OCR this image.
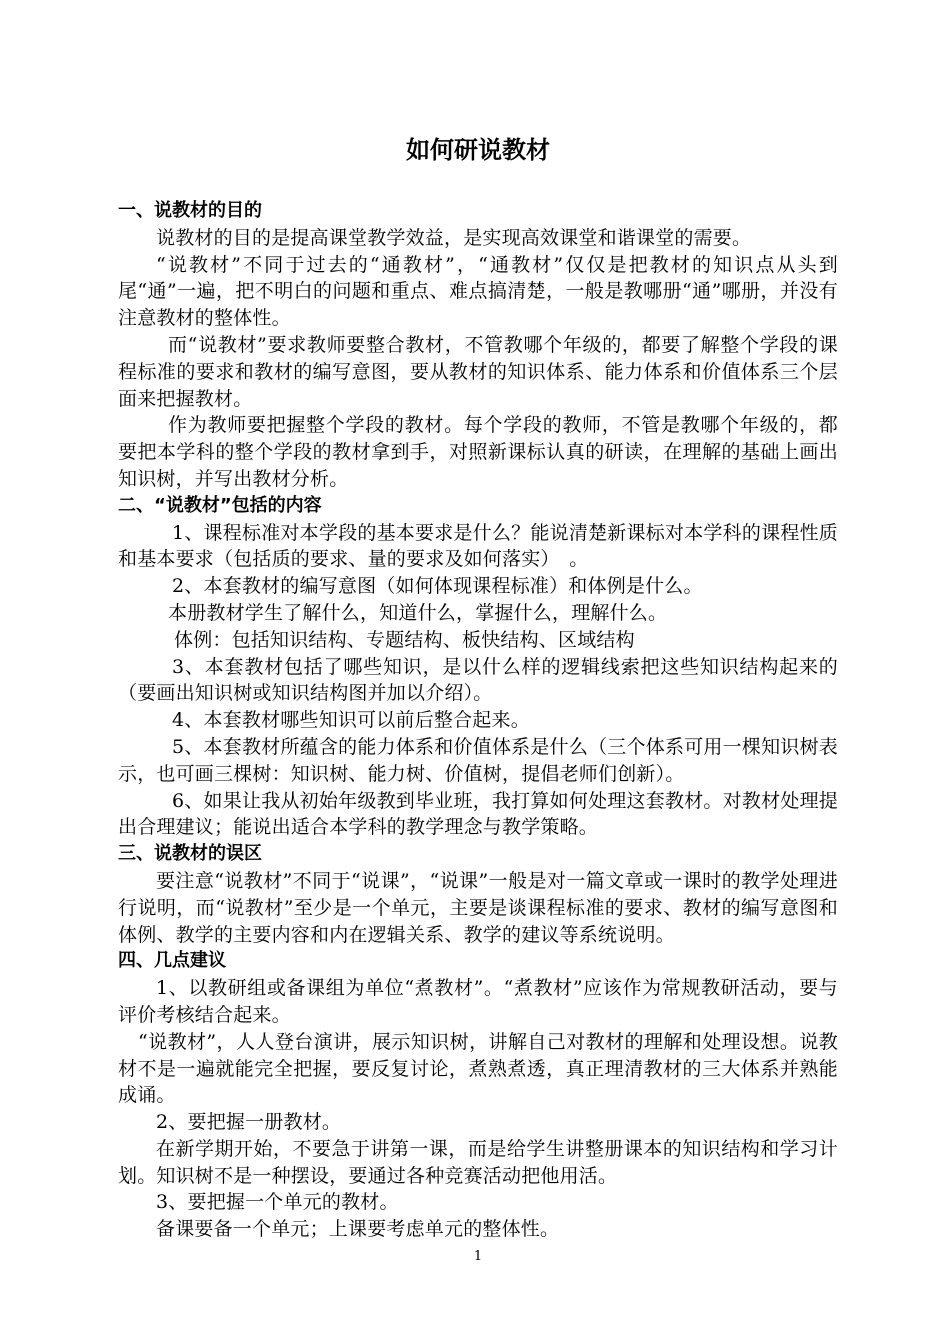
如何研说教材

一、说教材的目的

说教材的目的是提高课堂教学效益，是实现高效课堂和谐课堂的需要。

“说教材”不同于过去的“通教材”，“通教材”仅仅是把教材的知识点从头到尾“通”一遍，把不明白的问题和重点、难点搞清楚，一般是教哪册“通”哪册，并没有注意教材的整体性。

而“说教材”要求教师要整合教材，不管教哪个年级的，都要了解整个学段的课程标准的要求和教材的编写意图，要从教材的知识体系、能力体系和价值体系三个层面来把握教材。

作为教师要把握整个学段的教材。每个学段的教师，不管是教哪个年级的，都要把本学科的整个学段的教材拿到手，对照新课标认真的研读，在理解的基础上画出知识树，并写出教材分析。

二、“说教材”包括的内容

1、课程标准对本学段的基本要求是什么？能说清楚新课标对本学科的课程性质和基本要求（包括质的要求、量的要求及如何落实）　。

2、本套教材的编写意图（如何体现课程标准）和体例是什么。

本册教材学生了解什么，知道什么，掌握什么，理解什么。

体例：包括知识结构、专题结构、板快结构、区域结构

3、本套教材包括了哪些知识，是以什么样的逻辑线索把这些知识结构起来的（要画出知识树或知识结构图并加以介绍）。

4、本套教材哪些知识可以前后整合起来。

5、本套教材所蕴含的能力体系和价值体系是什么（三个体系可用一棵知识树表示，也可画三棵树：知识树、能力树、价值树，提倡老师们创新）。

6、如果让我从初始年级教到毕业班，我打算如何处理这套教材。对教材处理提出合理建议；能说出适合本学科的教学理念与教学策略。

三、说教材的误区

要注意“说教材”不同于“说课”，“说课”一般是对一篇文章或一课时的教学处理进行说明，而“说教材”至少是一个单元，主要是谈课程标准的要求、教材的编写意图和体例、教学的主要内容和内在逻辑关系、教学的建议等系统说明。

四、几点建议

1、以教研组或备课组为单位“煮教材”。“煮教材”应该作为常规教研活动，要与评价考核结合起来。

“说教材”，人人登台演讲，展示知识树，讲解自己对教材的理解和处理设想。说教材不是一遍就能完全把握，要反复讨论，煮熟煮透，真正理清教材的三大体系并熟能成诵。

2、要把握一册教材。

在新学期开始，不要急于讲第一课，而是给学生讲整册课本的知识结构和学习计划。知识树不是一种摆设，要通过各种竞赛活动把他用活。

3、要把握一个单元的教材。

备课要备一个单元；上课要考虑单元的整体性。

1
